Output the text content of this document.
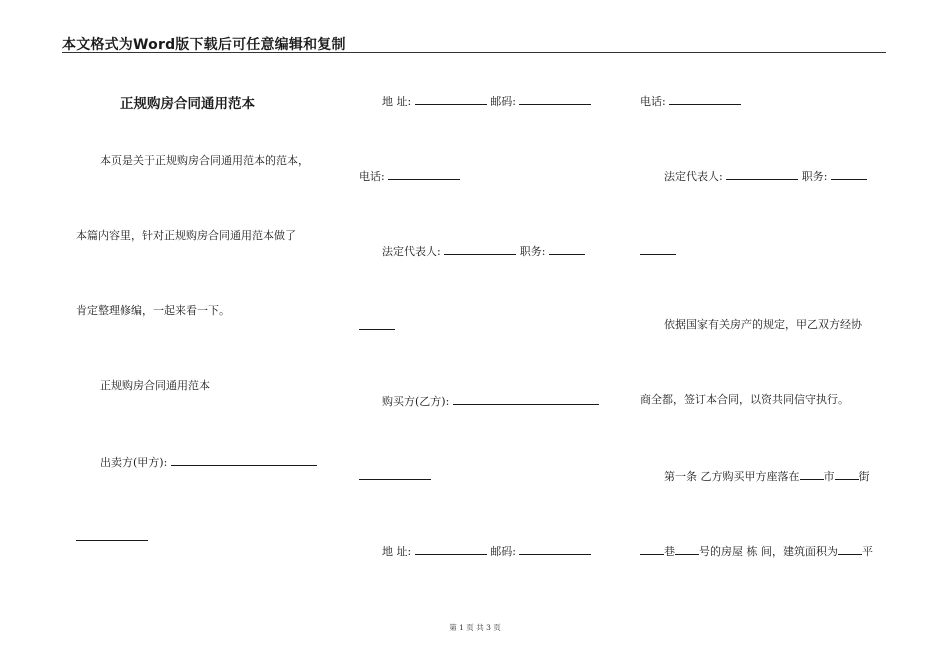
本文格式为Word版下载后可任意编辑和复制
正规购房合同通用范本
本页是关于正规购房合同通用范本的范本，
本篇内容里，针对正规购房合同通用范本做了
肯定整理修编，一起来看一下。
正规购房合同通用范本
出卖方(甲方):
地 址:	邮码:
电话:
法定代表人:	职务:
购买方(乙方):
地 址:	邮码:
电话:
法定代表人:	职务:
依据国家有关房产的规定，甲乙双方经协
商全都，签订本合同，以资共同信守执行。
第一条 乙方购买甲方座落在 市 街
巷 号的房屋 栋 间，建筑面积为 平
第 1 页 共 3 页
